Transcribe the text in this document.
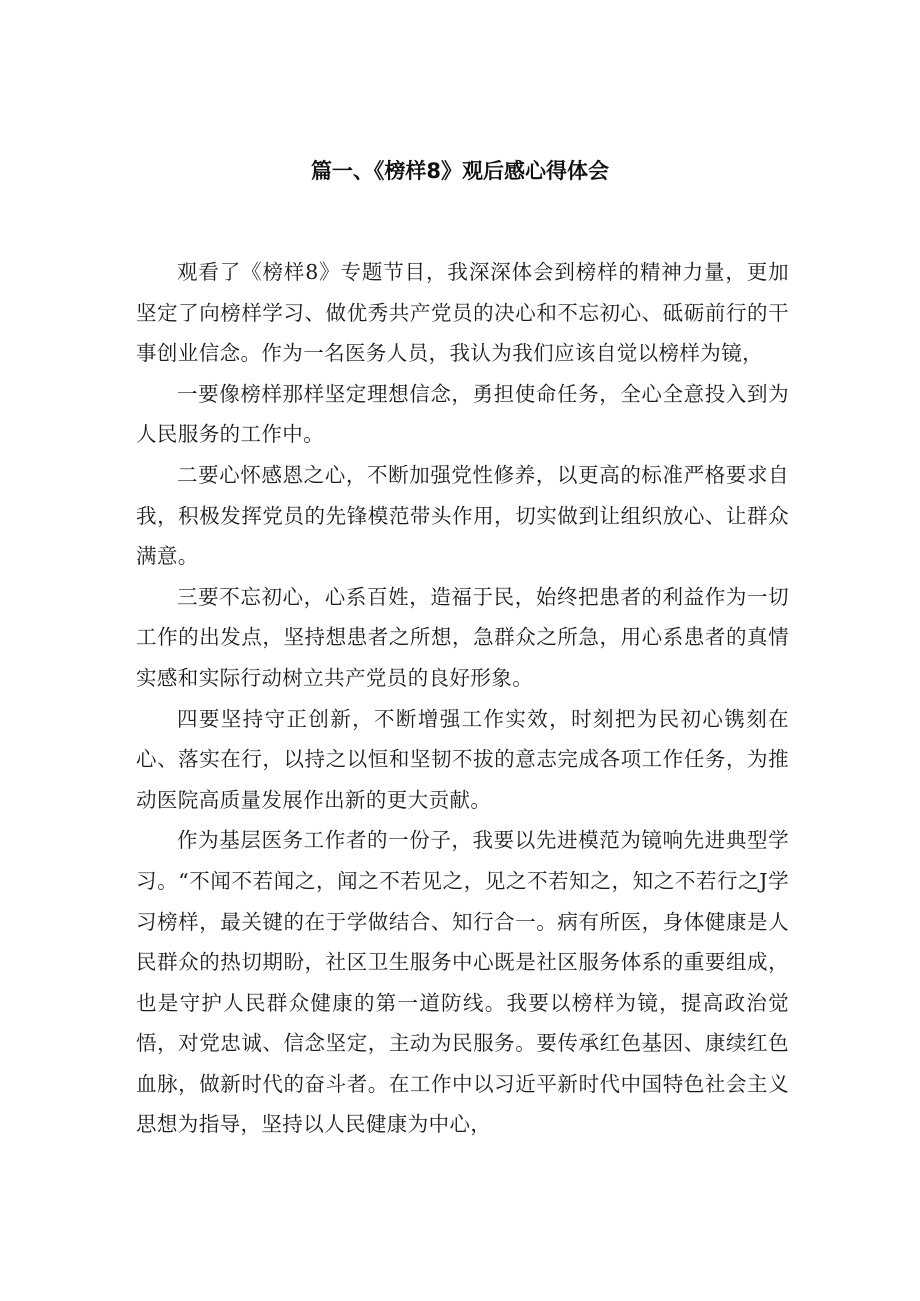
篇一、《榜样8》观后感心得体会

观看了《榜样8》专题节目，我深深体会到榜样的精神力量，更加坚定了向榜样学习、做优秀共产党员的决心和不忘初心、砥砺前行的干事创业信念。作为一名医务人员，我认为我们应该自觉以榜样为镜，

一要像榜样那样坚定理想信念，勇担使命任务，全心全意投入到为人民服务的工作中。

二要心怀感恩之心，不断加强党性修养，以更高的标准严格要求自我，积极发挥党员的先锋模范带头作用，切实做到让组织放心、让群众满意。

三要不忘初心，心系百姓，造福于民，始终把患者的利益作为一切工作的出发点，坚持想患者之所想，急群众之所急，用心系患者的真情实感和实际行动树立共产党员的良好形象。

四要坚持守正创新，不断增强工作实效，时刻把为民初心镌刻在心、落实在行，以持之以恒和坚韧不拔的意志完成各项工作任务，为推动医院高质量发展作出新的更大贡献。

作为基层医务工作者的一份子，我要以先进模范为镜响先进典型学习。“不闻不若闻之，闻之不若见之，见之不若知之，知之不若行之J学习榜样，最关键的在于学做结合、知行合一。病有所医，身体健康是人民群众的热切期盼，社区卫生服务中心既是社区服务体系的重要组成，也是守护人民群众健康的第一道防线。我要以榜样为镜，提高政治觉悟，对党忠诚、信念坚定，主动为民服务。要传承红色基因、康续红色血脉，做新时代的奋斗者。在工作中以习近平新时代中国特色社会主义思想为指导，坚持以人民健康为中心，
